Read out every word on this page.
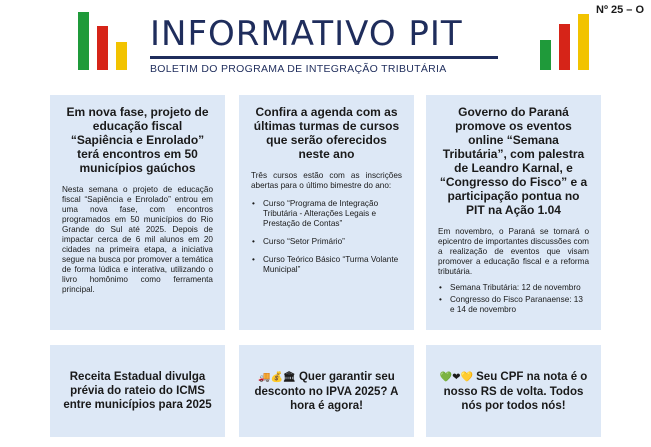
INFORMATIVO PIT
BOLETIM DO PROGRAMA DE INTEGRAÇÃO TRIBUTÁRIA
Nº 25 – O
Em nova fase, projeto de educação fiscal “Sapiência e Enrolado” terá encontros em 50 municípios gaúchos

Nesta semana o projeto de educação fiscal “Sapiência e Enrolado” entrou em uma nova fase, com encontros programados em 50 municípios do Rio Grande do Sul até 2025. Depois de impactar cerca de 6 mil alunos em 20 cidades na primeira etapa, a iniciativa segue na busca por promover a temática de forma lúdica e interativa, utilizando o livro homônimo como ferramenta principal.

Confira a agenda com as últimas turmas de cursos que serão oferecidos neste ano

Três cursos estão com as inscrições abertas para o último bimestre do ano:

• Curso “Programa de Integração Tributária - Alterações Legais e Prestação de Contas”
• Curso “Setor Primário”
• Curso Teórico Básico “Turma Volante Municipal”
Governo do Paraná promove os eventos online “Semana Tributária”, com palestra de Leandro Karnal, e “Congresso do Fisco” e a participação pontua no PIT na Ação 1.04

Em novembro, o Paraná se tornará o epicentro de importantes discussões com a realização de eventos que visam promover a educação fiscal e a reforma tributária.

• Semana Tributária: 12 de novembro
• Congresso do Fisco Paranaense: 13 e 14 de novembro
Receita Estadual divulga prévia do rateio do ICMS entre municípios para 2025
🚚💰🏛 Quer garantir seu desconto no IPVA 2025? A hora é agora!
💚❤💛 Seu CPF na nota é o nosso RS de volta. Todos nós por todos nós!
